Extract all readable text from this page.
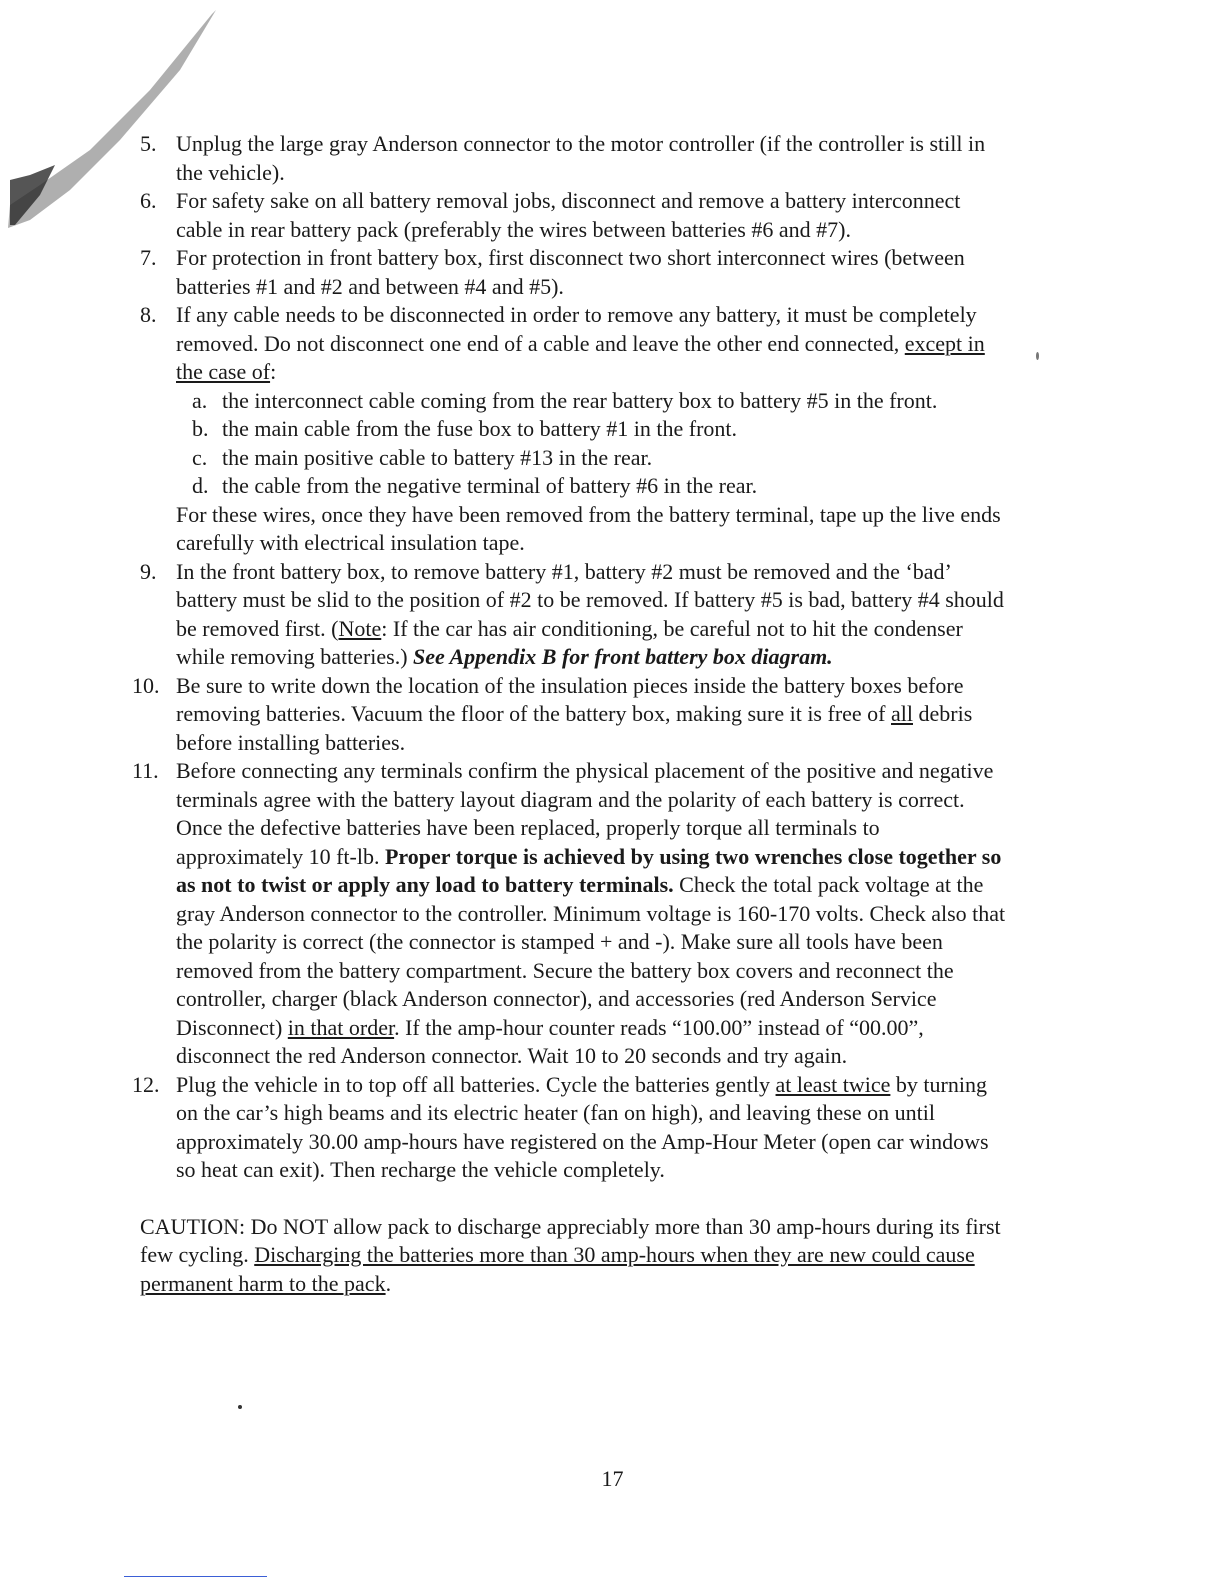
5. Unplug the large gray Anderson connector to the motor controller (if the controller is still in the vehicle).

6. For safety sake on all battery removal jobs, disconnect and remove a battery interconnect cable in rear battery pack (preferably the wires between batteries #6 and #7).

7. For protection in front battery box, first disconnect two short interconnect wires (between batteries #1 and #2 and between #4 and #5).

8. If any cable needs to be disconnected in order to remove any battery, it must be completely removed. Do not disconnect one end of a cable and leave the other end connected, except in the case of:

a. the interconnect cable coming from the rear battery box to battery #5 in the front.

b. the main cable from the fuse box to battery #1 in the front.

c. the main positive cable to battery #13 in the rear.

d. the cable from the negative terminal of battery #6 in the rear.

For these wires, once they have been removed from the battery terminal, tape up the live ends carefully with electrical insulation tape.

9. In the front battery box, to remove battery #1, battery #2 must be removed and the ‘bad’ battery must be slid to the position of #2 to be removed. If battery #5 is bad, battery #4 should be removed first. (Note: If the car has air conditioning, be careful not to hit the condenser while removing batteries.) See Appendix B for front battery box diagram.

10. Be sure to write down the location of the insulation pieces inside the battery boxes before removing batteries. Vacuum the floor of the battery box, making sure it is free of all debris before installing batteries.

11. Before connecting any terminals confirm the physical placement of the positive and negative terminals agree with the battery layout diagram and the polarity of each battery is correct. Once the defective batteries have been replaced, properly torque all terminals to approximately 10 ft-lb. Proper torque is achieved by using two wrenches close together so as not to twist or apply any load to battery terminals. Check the total pack voltage at the gray Anderson connector to the controller. Minimum voltage is 160-170 volts. Check also that the polarity is correct (the connector is stamped + and -). Make sure all tools have been removed from the battery compartment. Secure the battery box covers and reconnect the controller, charger (black Anderson connector), and accessories (red Anderson Service Disconnect) in that order. If the amp-hour counter reads “100.00” instead of “00.00”, disconnect the red Anderson connector. Wait 10 to 20 seconds and try again.

12. Plug the vehicle in to top off all batteries. Cycle the batteries gently at least twice by turning on the car’s high beams and its electric heater (fan on high), and leaving these on until approximately 30.00 amp-hours have registered on the Amp-Hour Meter (open car windows so heat can exit). Then recharge the vehicle completely.

CAUTION: Do NOT allow pack to discharge appreciably more than 30 amp-hours during its first few cycling. Discharging the batteries more than 30 amp-hours when they are new could cause permanent harm to the pack.

17
